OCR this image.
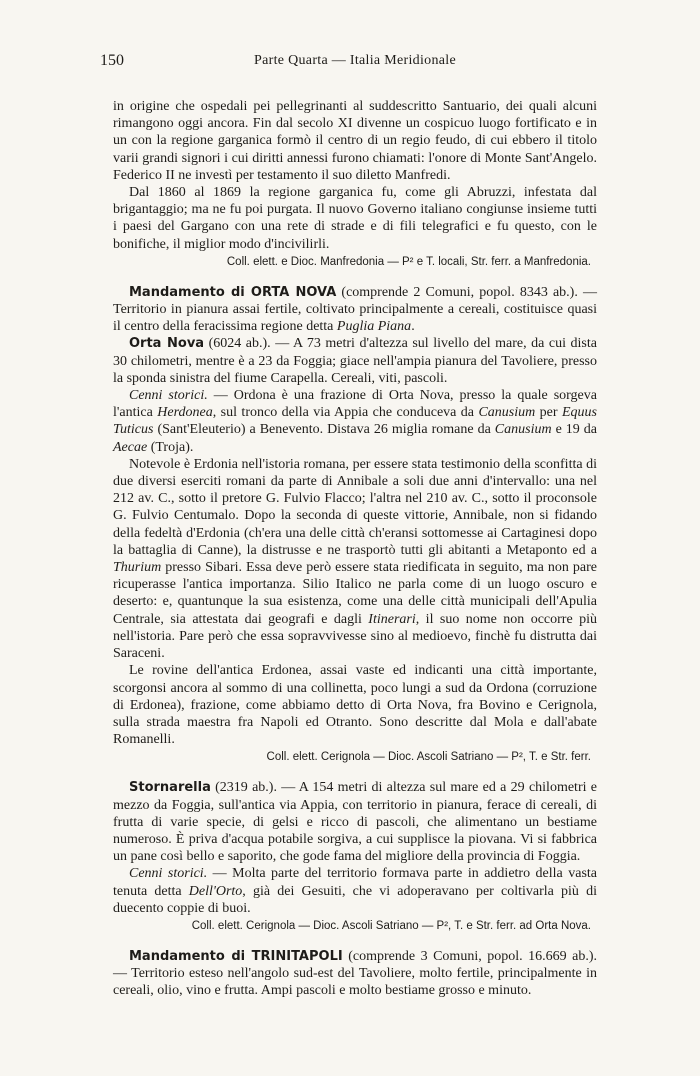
150	Parte Quarta — Italia Meridionale

in origine che ospedali pei pellegrinanti al suddescritto Santuario, dei quali alcuni rimangono oggi ancora. Fin dal secolo XI divenne un cospicuo luogo fortificato e in un con la regione garganica formò il centro di un regio feudo, di cui ebbero il titolo varii grandi signori i cui diritti annessi furono chiamati: l'onore di Monte Sant'Angelo. Federico II ne investì per testamento il suo diletto Manfredi.

Dal 1860 al 1869 la regione garganica fu, come gli Abruzzi, infestata dal brigantaggio; ma ne fu poi purgata. Il nuovo Governo italiano congiunse insieme tutti i paesi del Gargano con una rete di strade e di fili telegrafici e fu questo, con le bonifiche, il miglior modo d'incivilirli.

Coll. elett. e Dioc. Manfredonia — P² e T. locali, Str. ferr. a Manfredonia.

Mandamento di ORTA NOVA (comprende 2 Comuni, popol. 8343 ab.). — Territorio in pianura assai fertile, coltivato principalmente a cereali, costituisce quasi il centro della feracissima regione detta Puglia Piana.

Orta Nova (6024 ab.). — A 73 metri d'altezza sul livello del mare, da cui dista 30 chilometri, mentre è a 23 da Foggia; giace nell'ampia pianura del Tavoliere, presso la sponda sinistra del fiume Carapella. Cereali, viti, pascoli.

Cenni storici. — Ordona è una frazione di Orta Nova, presso la quale sorgeva l'antica Herdonea, sul tronco della via Appia che conduceva da Canusium per Equus Tuticus (Sant'Eleuterio) a Benevento. Distava 26 miglia romane da Canusium e 19 da Aecae (Troja).

Notevole è Erdonia nell'istoria romana, per essere stata testimonio della sconfitta di due diversi eserciti romani da parte di Annibale a soli due anni d'intervallo: una nel 212 av. C., sotto il pretore G. Fulvio Flacco; l'altra nel 210 av. C., sotto il proconsole G. Fulvio Centumalo. Dopo la seconda di queste vittorie, Annibale, non si fidando della fedeltà d'Erdonia (ch'era una delle città ch'eransi sottomesse ai Cartaginesi dopo la battaglia di Canne), la distrusse e ne trasportò tutti gli abitanti a Metaponto ed a Thurium presso Sibari. Essa deve però essere stata riedificata in seguito, ma non pare ricuperasse l'antica importanza. Silio Italico ne parla come di un luogo oscuro e deserto: e, quantunque la sua esistenza, come una delle città municipali dell'Apulia Centrale, sia attestata dai geografi e dagli Itinerari, il suo nome non occorre più nell'istoria. Pare però che essa sopravvivesse sino al medioevo, finchè fu distrutta dai Saraceni.

Le rovine dell'antica Erdonea, assai vaste ed indicanti una città importante, scorgonsi ancora al sommo di una collinetta, poco lungi a sud da Ordona (corruzione di Erdonea), frazione, come abbiamo detto di Orta Nova, fra Bovino e Cerignola, sulla strada maestra fra Napoli ed Otranto. Sono descritte dal Mola e dall'abate Romanelli.

Coll. elett. Cerignola — Dioc. Ascoli Satriano — P², T. e Str. ferr.

Stornarella (2319 ab.). — A 154 metri di altezza sul mare ed a 29 chilometri e mezzo da Foggia, sull'antica via Appia, con territorio in pianura, ferace di cereali, di frutta di varie specie, di gelsi e ricco di pascoli, che alimentano un bestiame numeroso. È priva d'acqua potabile sorgiva, a cui supplisce la piovana. Vi si fabbrica un pane così bello e saporito, che gode fama del migliore della provincia di Foggia.

Cenni storici. — Molta parte del territorio formava parte in addietro della vasta tenuta detta Dell'Orto, già dei Gesuiti, che vi adoperavano per coltivarla più di duecento coppie di buoi.

Coll. elett. Cerignola — Dioc. Ascoli Satriano — P², T. e Str. ferr. ad Orta Nova.

Mandamento di TRINITAPOLI (comprende 3 Comuni, popol. 16.669 ab.). — Territorio esteso nell'angolo sud-est del Tavoliere, molto fertile, principalmente in cereali, olio, vino e frutta. Ampi pascoli e molto bestiame grosso e minuto.
